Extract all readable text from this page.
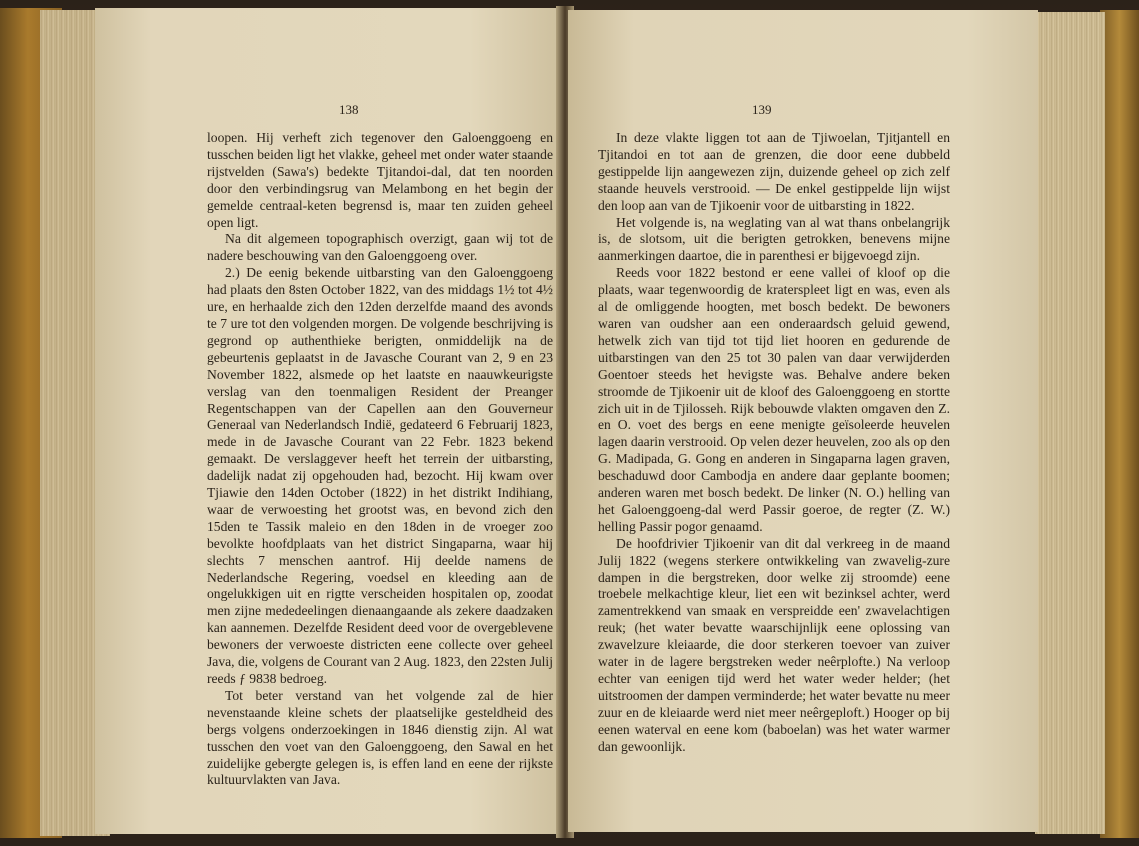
138

loopen. Hij verheft zich tegenover den Galoenggoeng en tusschen beiden ligt het vlakke, geheel met onder water staande rijstvelden (Sawa's) bedekte Tjitandoi-dal, dat ten noorden door den verbindingsrug van Melambong en het begin der gemelde centraal-keten begrensd is, maar ten zuiden geheel open ligt.

Na dit algemeen topographisch overzigt, gaan wij tot de nadere beschouwing van den Galoenggoeng over.

2.) De eenig bekende uitbarsting van den Galoenggoeng had plaats den 8sten October 1822, van des middags 1½ tot 4½ ure, en herhaalde zich den 12den derzelfde maand des avonds te 7 ure tot den volgenden morgen. De volgende beschrijving is gegrond op authenthieke berigten, onmiddelijk na de gebeurtenis geplaatst in de Javasche Courant van 2, 9 en 23 November 1822, alsmede op het laatste en naauwkeurigste verslag van den toenmaligen Resident der Preanger Regentschappen van der Capellen aan den Gouverneur Generaal van Nederlandsch Indië, gedateerd 6 Februarij 1823, mede in de Javasche Courant van 22 Febr. 1823 bekend gemaakt. De verslaggever heeft het terrein der uitbarsting, dadelijk nadat zij opgehouden had, bezocht. Hij kwam over Tjiawie den 14den October (1822) in het distrikt Indihiang, waar de verwoesting het grootst was, en bevond zich den 15den te Tassik maleio en den 18den in de vroeger zoo bevolkte hoofdplaats van het district Singaparna, waar hij slechts 7 menschen aantrof. Hij deelde namens de Nederlandsche Regering, voedsel en kleeding aan de ongelukkigen uit en rigtte verscheiden hospitalen op, zoodat men zijne mededeelingen dienaangaande als zekere daadzaken kan aannemen. Dezelfde Resident deed voor de overgeblevene bewoners der verwoeste districten eene collecte over geheel Java, die, volgens de Courant van 2 Aug. 1823, den 22sten Julij reeds ƒ 9838 bedroeg.

Tot beter verstand van het volgende zal de hier nevenstaande kleine schets der plaatselijke gesteldheid des bergs volgens onderzoekingen in 1846 dienstig zijn. Al wat tusschen den voet van den Galoenggoeng, den Sawal en het zuidelijke gebergte gelegen is, is effen land en eene der rijkste kultuurvlakten van Java.

139

In deze vlakte liggen tot aan de Tjiwoelan, Tjitjantell en Tjitandoi en tot aan de grenzen, die door eene dubbeld gestippelde lijn aangewezen zijn, duizende geheel op zich zelf staande heuvels verstrooid. — De enkel gestippelde lijn wijst den loop aan van de Tjikoenir voor de uitbarsting in 1822.

Het volgende is, na weglating van al wat thans onbelangrijk is, de slotsom, uit die berigten getrokken, benevens mijne aanmerkingen daartoe, die in parenthesi er bijgevoegd zijn.

Reeds voor 1822 bestond er eene vallei of kloof op die plaats, waar tegenwoordig de kraterspleet ligt en was, even als al de omliggende hoogten, met bosch bedekt. De bewoners waren van oudsher aan een onderaardsch geluid gewend, hetwelk zich van tijd tot tijd liet hooren en gedurende de uitbarstingen van den 25 tot 30 palen van daar verwijderden Goentoer steeds het hevigste was. Behalve andere beken stroomde de Tjikoenir uit de kloof des Galoenggoeng en stortte zich uit in de Tjilosseh. Rijk bebouwde vlakten omgaven den Z. en O. voet des bergs en eene menigte geïsoleerde heuvelen lagen daarin verstrooid. Op velen dezer heuvelen, zoo als op den G. Madipada, G. Gong en anderen in Singaparna lagen graven, beschaduwd door Cambodja en andere daar geplante boomen; anderen waren met bosch bedekt. De linker (N. O.) helling van het Galoenggoeng-dal werd Passir goeroe, de regter (Z. W.) helling Passir pogor genaamd.

De hoofdrivier Tjikoenir van dit dal verkreeg in de maand Julij 1822 (wegens sterkere ontwikkeling van zwavelig-zure dampen in die bergstreken, door welke zij stroomde) eene troebele melkachtige kleur, liet een wit bezinksel achter, werd zamentrekkend van smaak en verspreidde een' zwavelachtigen reuk; (het water bevatte waarschijnlijk eene oplossing van zwavelzure kleiaarde, die door sterkeren toevoer van zuiver water in de lagere bergstreken weder neêrplofte.) Na verloop echter van eenigen tijd werd het water weder helder; (het uitstroomen der dampen verminderde; het water bevatte nu meer zuur en de kleiaarde werd niet meer neêrgeploft.) Hooger op bij eenen waterval en eene kom (baboelan) was het water warmer dan gewoonlijk.
